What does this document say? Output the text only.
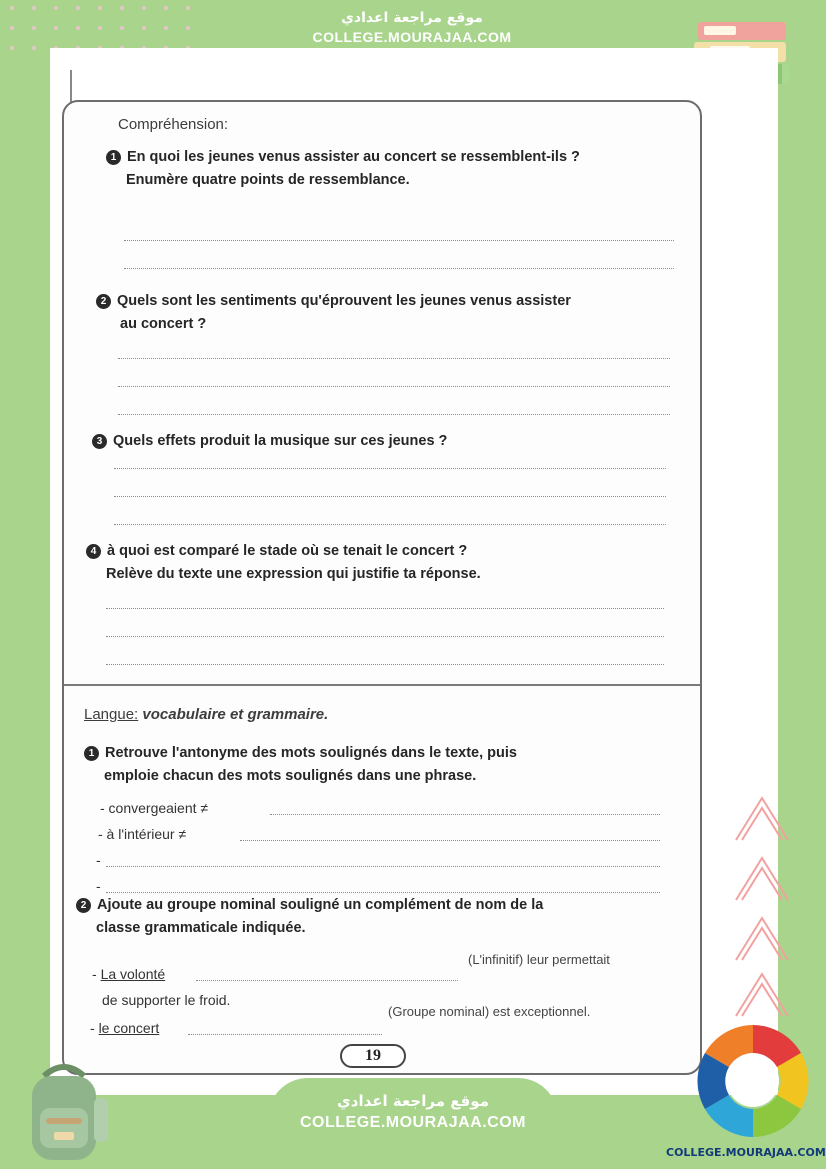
موقع مراجعة اعدادي
COLLEGE.MOURAJAA.COM
Compréhension:
1 En quoi les jeunes venus assister au concert se ressemblent-ils ?
Enumère quatre points de ressemblance.
2 Quels sont les sentiments qu'éprouvent les jeunes venus assister
au concert ?
3 Quels effets produit la musique sur ces jeunes ?
4 à quoi est comparé le stade où se tenait le concert ?
Relève du texte une expression qui justifie ta réponse.
Langue: vocabulaire et grammaire.
1 Retrouve l'antonyme des mots soulignés dans le texte, puis
emploie chacun des mots soulignés dans une phrase.
- convergeaient ≠
- à l'intérieur ≠
-
-
2 Ajoute au groupe nominal souligné un complément de nom de la
classe grammaticale indiquée.
- La volonté
(L'infinitif) leur permettait
de supporter le froid.
- le concert
(Groupe nominal) est exceptionnel.
19
موقع مراجعة اعدادي
COLLEGE.MOURAJAA.COM
COLLEGE.MOURAJAA.COM
